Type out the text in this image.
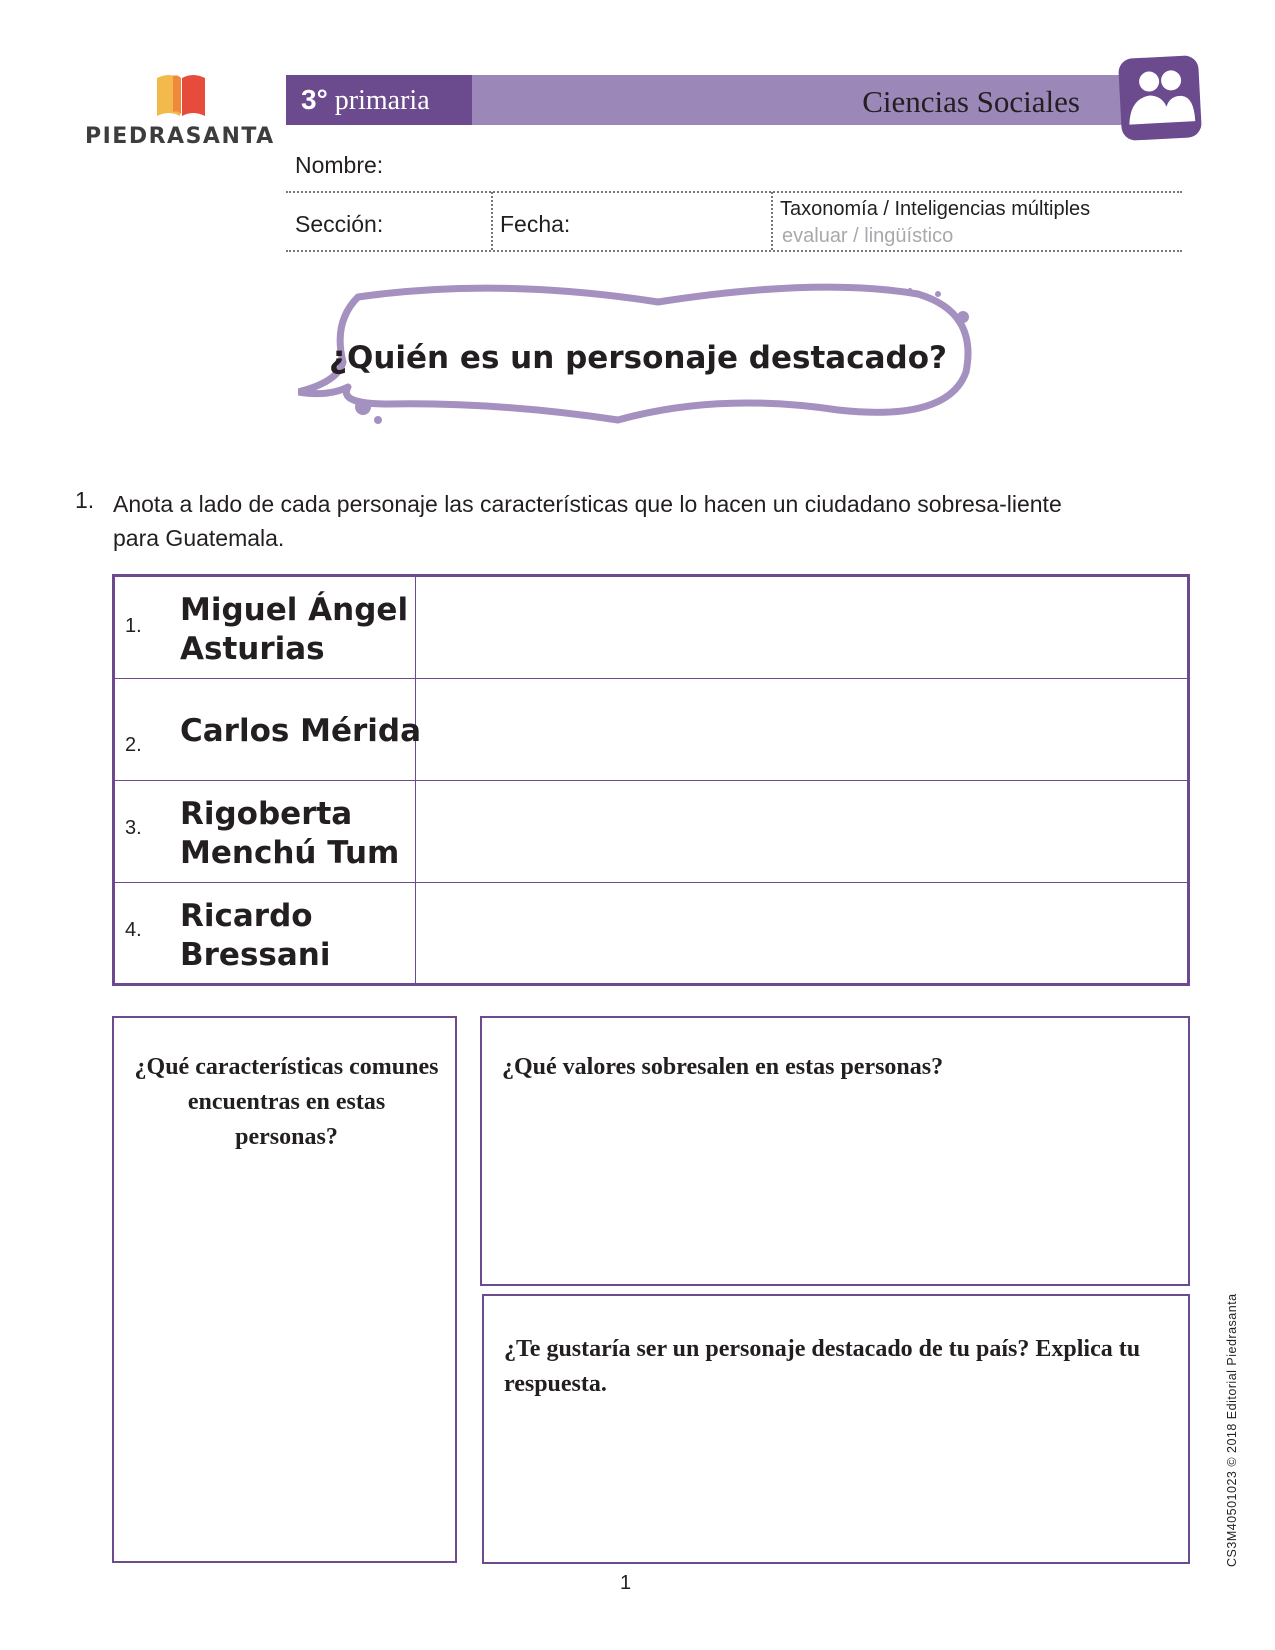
PIEDRASANTA
3° primaria	Ciencias Sociales
Nombre:
Sección:	Fecha:
Taxonomía / Inteligencias múltiples
evaluar / lingüístico
¿Quién es un personaje destacado?
1. Anota a lado de cada personaje las características que lo hacen un ciudadano sobresa-liente para Guatemala.
1. Miguel Ángel Asturias
2. Carlos Mérida
3. Rigoberta Menchú Tum
4. Ricardo Bressani
¿Qué características comunes encuentras en estas personas?
¿Qué valores sobresalen en estas personas?
¿Te gustaría ser un personaje destacado de tu país? Explica tu respuesta.	CS3M40501023 © 2018 Editorial Piedrasanta
1
